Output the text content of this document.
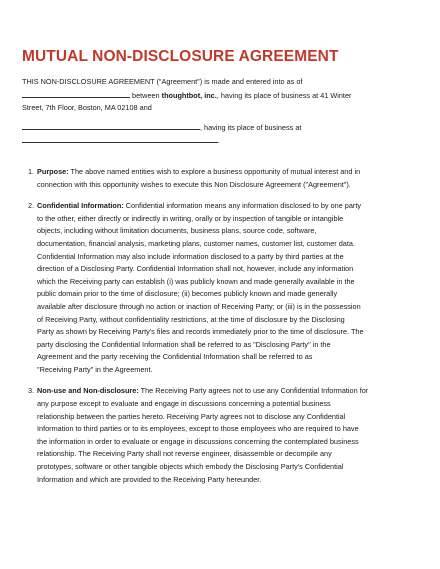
MUTUAL NON-DISCLOSURE AGREEMENT
THIS NON-DISCLOSURE AGREEMENT ("Agreement") is made and entered into as of
between thoughtbot, inc., having its place of business at 41 Winter
Street, 7th Floor, Boston, MA 02108 and
, having its place of business at
.
1. Purpose: The above named entities wish to explore a business opportunity of mutual interest and in
connection with this opportunity wishes to execute this Non Disclosure Agreement ("Agreement").
2. Confidential Information: Confidential information means any information disclosed to by one party
to the other, either directly or indirectly in writing, orally or by inspection of tangible or intangible
objects, including without limitation documents, business plans, source code, software,
documentation, financial analysis, marketing plans, customer names, customer list, customer data.
Confidential Information may also include information disclosed to a party by third parties at the
direction of a Disclosing Party. Confidential Information shall not, however, include any information
which the Receiving party can establish (i) was publicly known and made generally available in the
public domain prior to the time of disclosure; (ii) becomes publicly known and made generally
available after disclosure through no action or inaction of Receiving Party; or (iii) is in the possession
of Receiving Party, without confidentiality restrictions, at the time of disclosure by the Disclosing
Party as shown by Receiving Party's files and records immediately prior to the time of disclosure. The
party disclosing the Confidential Information shall be referred to as "Disclosing Party" in the
Agreement and the party receiving the Confidential Information shall be referred to as
"Receiving Party" in the Agreement.
3. Non-use and Non-disclosure: The Receiving Party agrees not to use any Confidential Information for
any purpose except to evaluate and engage in discussions concerning a potential business
relationship between the parties hereto. Receiving Party agrees not to disclose any Confidential
Information to third parties or to its employees, except to those employees who are required to have
the information in order to evaluate or engage in discussions concerning the contemplated business
relationship. The Receiving Party shall not reverse engineer, disassemble or decompile any
prototypes, software or other tangible objects which embody the Disclosing Party's Confidential
Information and which are provided to the Receiving Party hereunder.
